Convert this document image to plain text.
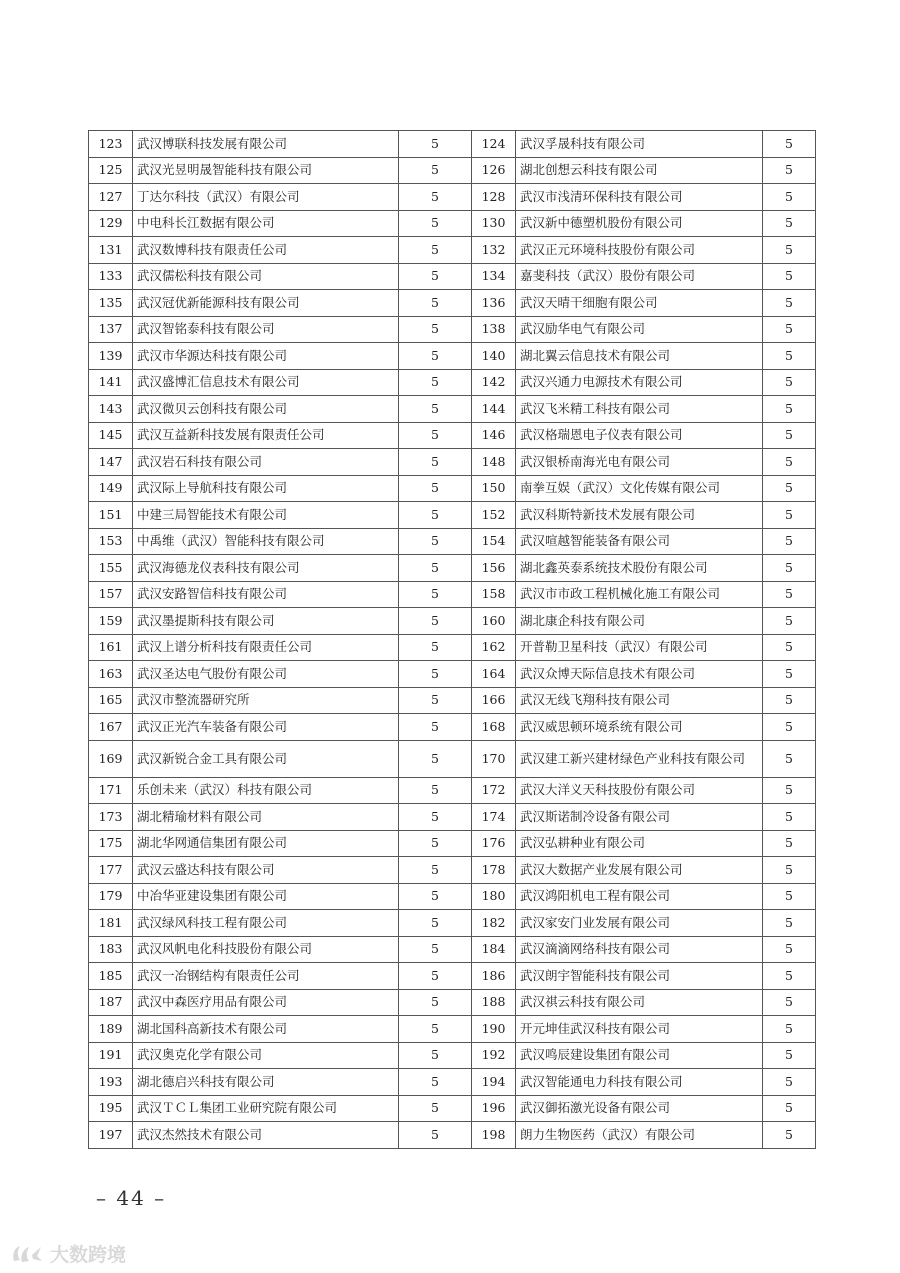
123	武汉博联科技发展有限公司	5	124	武汉孚晟科技有限公司	5
125	武汉光昱明晟智能科技有限公司	5	126	湖北创想云科技有限公司	5
127	丁达尔科技（武汉）有限公司	5	128	武汉市浅清环保科技有限公司	5
129	中电科长江数据有限公司	5	130	武汉新中德塑机股份有限公司	5
131	武汉数博科技有限责任公司	5	132	武汉正元环境科技股份有限公司	5
133	武汉儒松科技有限公司	5	134	嘉斐科技（武汉）股份有限公司	5
135	武汉冠优新能源科技有限公司	5	136	武汉天晴干细胞有限公司	5
137	武汉智铭泰科技有限公司	5	138	武汉励华电气有限公司	5
139	武汉市华源达科技有限公司	5	140	湖北翼云信息技术有限公司	5
141	武汉盛博汇信息技术有限公司	5	142	武汉兴通力电源技术有限公司	5
143	武汉微贝云创科技有限公司	5	144	武汉飞米精工科技有限公司	5
145	武汉互益新科技发展有限责任公司	5	146	武汉格瑞恩电子仪表有限公司	5
147	武汉岩石科技有限公司	5	148	武汉银桥南海光电有限公司	5
149	武汉际上导航科技有限公司	5	150	南拳互娱（武汉）文化传媒有限公司	5
151	中建三局智能技术有限公司	5	152	武汉科斯特新技术发展有限公司	5
153	中禹维（武汉）智能科技有限公司	5	154	武汉喧越智能装备有限公司	5
155	武汉海德龙仪表科技有限公司	5	156	湖北鑫英泰系统技术股份有限公司	5
157	武汉安路智信科技有限公司	5	158	武汉市市政工程机械化施工有限公司	5
159	武汉墨提斯科技有限公司	5	160	湖北康企科技有限公司	5
161	武汉上谱分析科技有限责任公司	5	162	开普勒卫星科技（武汉）有限公司	5
163	武汉圣达电气股份有限公司	5	164	武汉众博天际信息技术有限公司	5
165	武汉市整流器研究所	5	166	武汉无线飞翔科技有限公司	5
167	武汉正光汽车装备有限公司	5	168	武汉威思顿环境系统有限公司	5
169	武汉新锐合金工具有限公司	5	170	武汉建工新兴建材绿色产业科技有限公司	5
171	乐创未来（武汉）科技有限公司	5	172	武汉大洋义天科技股份有限公司	5
173	湖北精瑜材料有限公司	5	174	武汉斯诺制冷设备有限公司	5
175	湖北华网通信集团有限公司	5	176	武汉弘耕种业有限公司	5
177	武汉云盛达科技有限公司	5	178	武汉大数据产业发展有限公司	5
179	中冶华亚建设集团有限公司	5	180	武汉鸿阳机电工程有限公司	5
181	武汉绿风科技工程有限公司	5	182	武汉家安门业发展有限公司	5
183	武汉风帆电化科技股份有限公司	5	184	武汉滴滴网络科技有限公司	5
185	武汉一冶钢结构有限责任公司	5	186	武汉朗宇智能科技有限公司	5
187	武汉中森医疗用品有限公司	5	188	武汉祺云科技有限公司	5
189	湖北国科高新技术有限公司	5	190	开元坤佳武汉科技有限公司	5
191	武汉奥克化学有限公司	5	192	武汉鸣辰建设集团有限公司	5
193	湖北德启兴科技有限公司	5	194	武汉智能通电力科技有限公司	5
195	武汉ＴＣＬ集团工业研究院有限公司	5	196	武汉御拓激光设备有限公司	5
197	武汉杰然技术有限公司	5	198	朗力生物医药（武汉）有限公司	5
– 44 –
大数跨境
